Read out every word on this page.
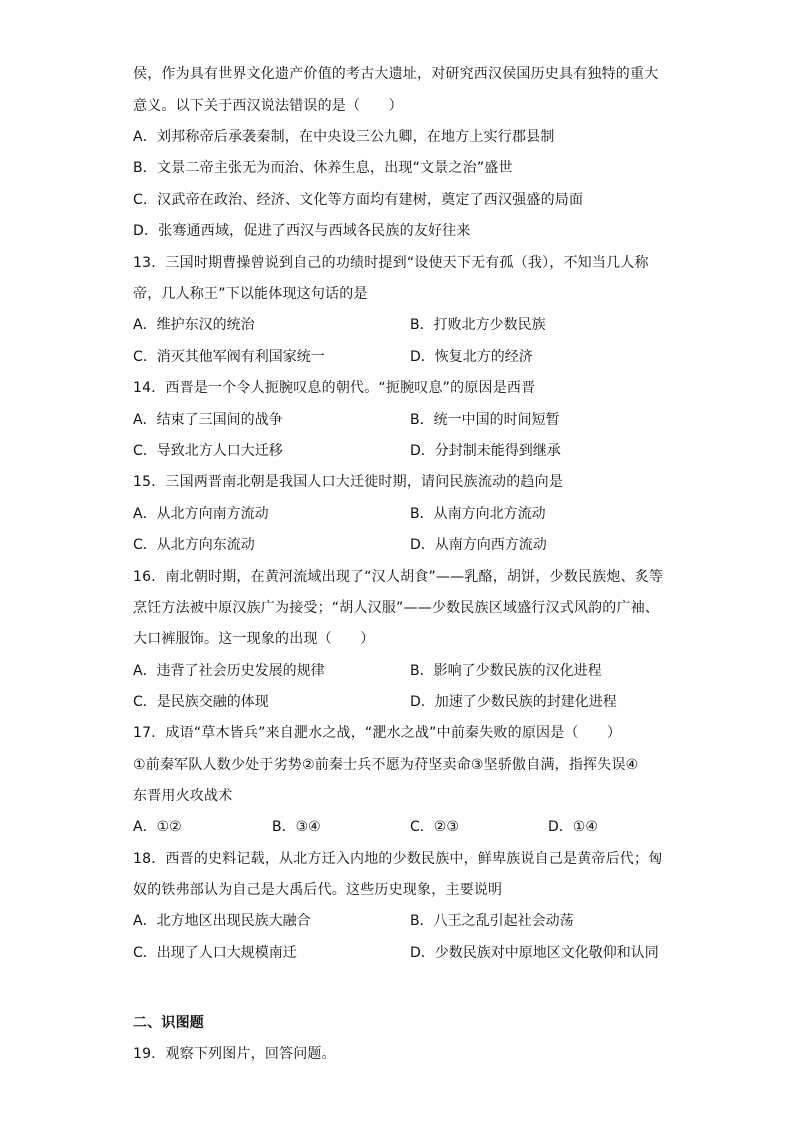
侯，作为具有世界文化遗产价值的考古大遗址，对研究西汉侯国历史具有独特的重大
意义。以下关于西汉说法错误的是（　　）
A．刘邦称帝后承袭秦制，在中央设三公九卿，在地方上实行郡县制
B．文景二帝主张无为而治、休养生息，出现“文景之治”盛世
C．汉武帝在政治、经济、文化等方面均有建树，奠定了西汉强盛的局面
D．张骞通西域，促进了西汉与西域各民族的友好往来
13．三国时期曹操曾说到自己的功绩时提到“设使天下无有孤（我），不知当几人称
帝，几人称王”下以能体现这句话的是
A．维护东汉的统治	B．打败北方少数民族
C．消灭其他军阀有利国家统一	D．恢复北方的经济
14．西晋是一个令人扼腕叹息的朝代。“扼腕叹息”的原因是西晋
A．结束了三国间的战争	B．统一中国的时间短暂
C．导致北方人口大迁移	D．分封制未能得到继承
15．三国两晋南北朝是我国人口大迁徙时期，请问民族流动的趋向是
A．从北方向南方流动	B．从南方向北方流动
C．从北方向东流动	D．从南方向西方流动
16．南北朝时期，在黄河流域出现了“汉人胡食”——乳酪，胡饼，少数民族炮、炙等
烹饪方法被中原汉族广为接受；“胡人汉服”——少数民族区域盛行汉式风韵的广袖、
大口裤服饰。这一现象的出现（　　）
A．违背了社会历史发展的规律	B．影响了少数民族的汉化进程
C．是民族交融的体现	D．加速了少数民族的封建化进程
17．成语“草木皆兵”来自淝水之战，“淝水之战”中前秦失败的原因是（　　）
①前秦军队人数少处于劣势②前秦士兵不愿为苻坚卖命③坚骄傲自满，指挥失误④
东晋用火攻战术
A．①②	B．③④	C．②③	D．①④
18．西晋的史料记载，从北方迁入内地的少数民族中，鲜卑族说自己是黄帝后代；匈
奴的铁弗部认为自己是大禹后代。这些历史现象，主要说明
A．北方地区出现民族大融合	B．八王之乱引起社会动荡
C．出现了人口大规模南迁	D．少数民族对中原地区文化敬仰和认同
二、识图题
19．观察下列图片，回答问题。
